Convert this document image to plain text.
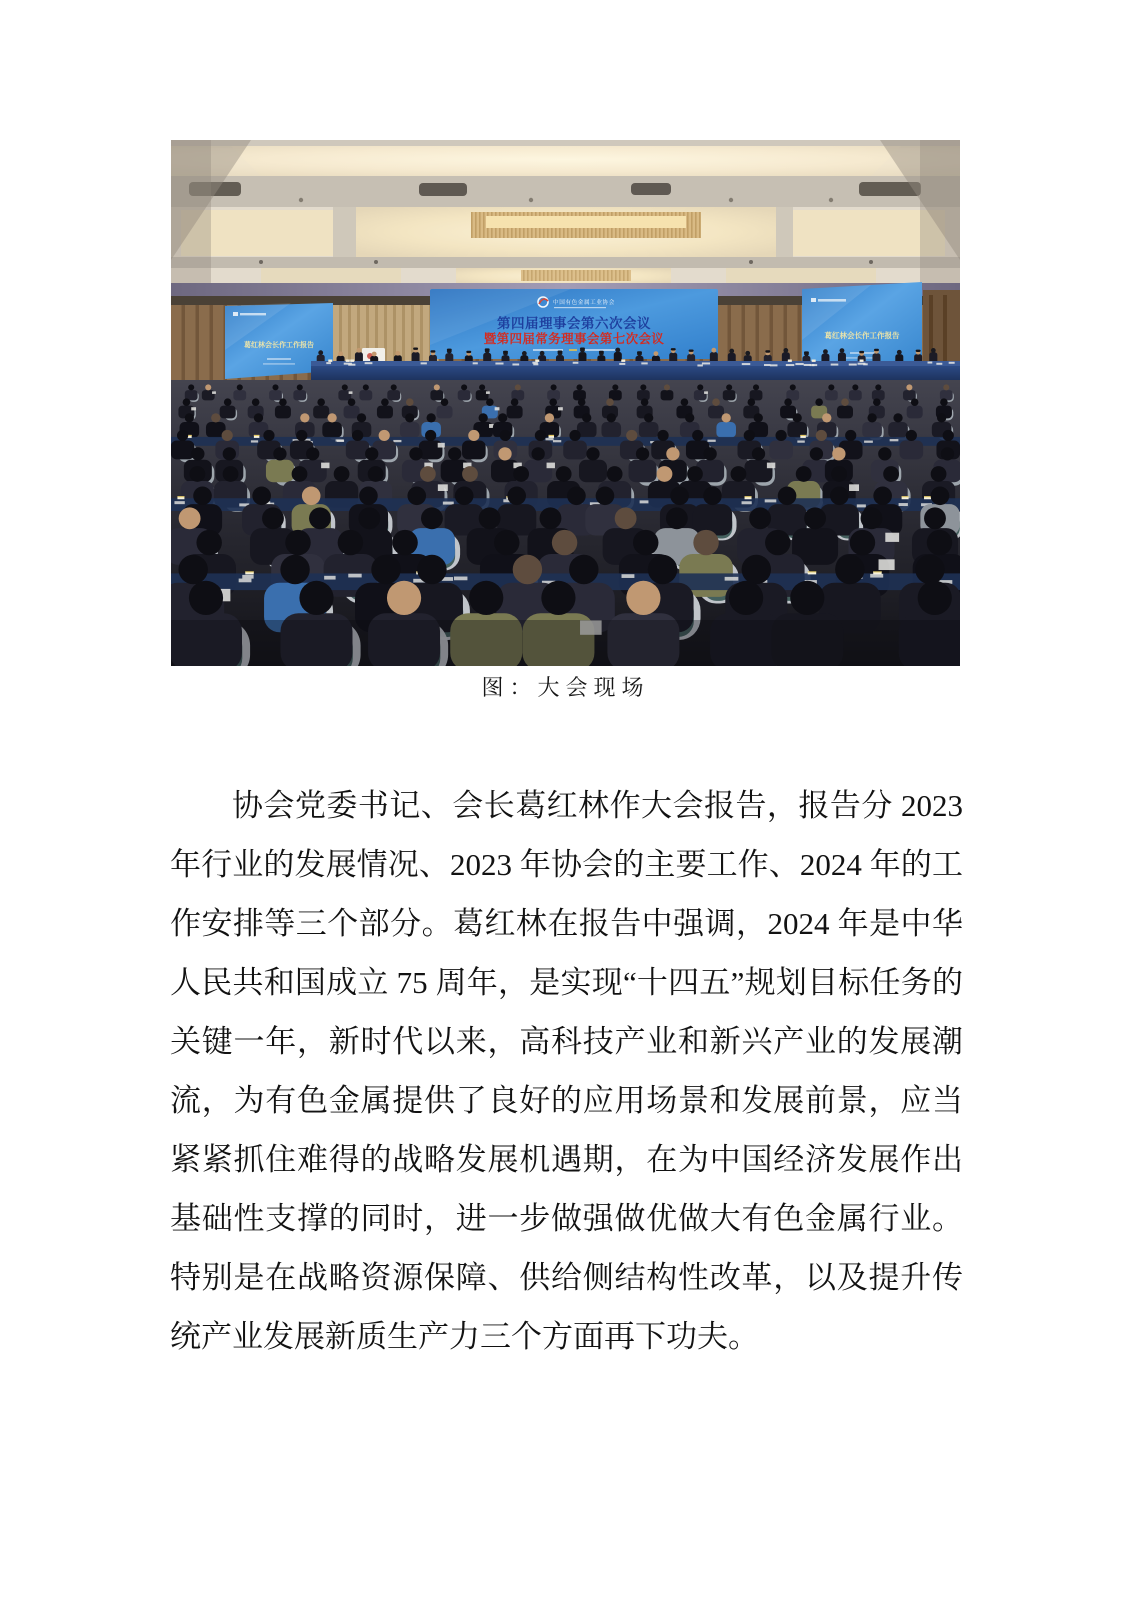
葛红林会长作工作报告
葛红林会长作工作报告
中国有色金属工业协会
第四届理事会第六次会议
暨第四届常务理事会第七次会议
图：大会现场

协会党委书记、会长葛红林作大会报告，报告分 2023 年行业的发展情况、2023 年协会的主要工作、2024 年的工作安排等三个部分。葛红林在报告中强调，2024 年是中华人民共和国成立 75 周年，是实现“十四五”规划目标任务的关键一年，新时代以来，高科技产业和新兴产业的发展潮流，为有色金属提供了良好的应用场景和发展前景，应当紧紧抓住难得的战略发展机遇期，在为中国经济发展作出基础性支撑的同时，进一步做强做优做大有色金属行业。特别是在战略资源保障、供给侧结构性改革，以及提升传统产业发展新质生产力三个方面再下功夫。
